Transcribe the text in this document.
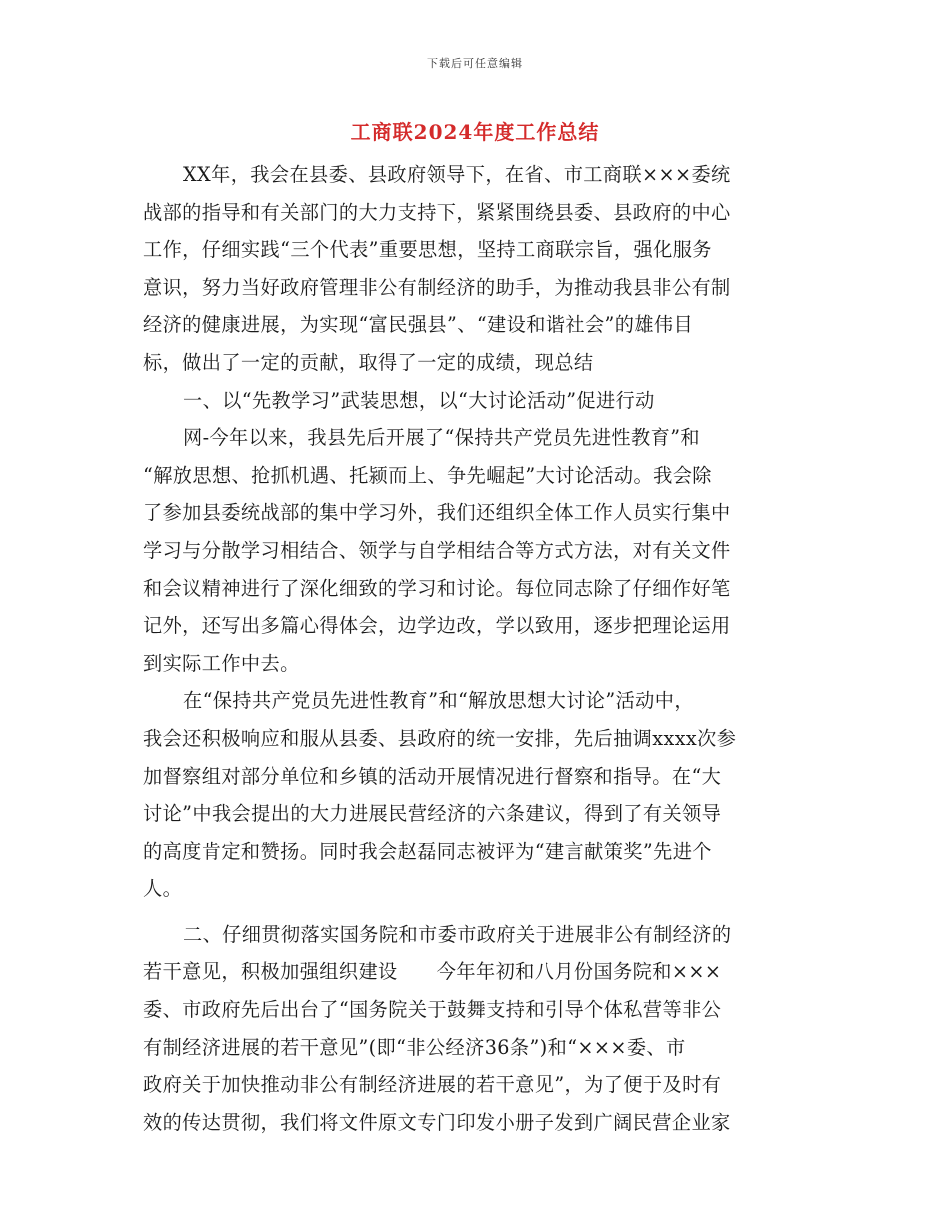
下载后可任意编辑
工商联2024年度工作总结
XX年，我会在县委、县政府领导下，在省、市工商联×××委统
战部的指导和有关部门的大力支持下，紧紧围绕县委、县政府的中心
工作，仔细实践“三个代表”重要思想，坚持工商联宗旨，强化服务
意识，努力当好政府管理非公有制经济的助手，为推动我县非公有制
经济的健康进展，为实现“富民强县”、“建设和谐社会”的雄伟目
标，做出了一定的贡献，取得了一定的成绩，现总结
一、以“先教学习”武装思想，以“大讨论活动”促进行动
网-今年以来，我县先后开展了“保持共产党员先进性教育”和
“解放思想、抢抓机遇、托颍而上、争先崛起”大讨论活动。我会除
了参加县委统战部的集中学习外，我们还组织全体工作人员实行集中
学习与分散学习相结合、领学与自学相结合等方式方法，对有关文件
和会议精神进行了深化细致的学习和讨论。每位同志除了仔细作好笔
记外，还写出多篇心得体会，边学边改，学以致用，逐步把理论运用
到实际工作中去。
在“保持共产党员先进性教育”和“解放思想大讨论”活动中，
我会还积极响应和服从县委、县政府的统一安排，先后抽调xxxx次参
加督察组对部分单位和乡镇的活动开展情况进行督察和指导。在“大
讨论”中我会提出的大力进展民营经济的六条建议，得到了有关领导
的高度肯定和赞扬。同时我会赵磊同志被评为“建言献策奖”先进个
人。
二、仔细贯彻落实国务院和市委市政府关于进展非公有制经济的
若干意见，积极加强组织建设　　今年年初和八月份国务院和×××
委、市政府先后出台了“国务院关于鼓舞支持和引导个体私营等非公
有制经济进展的若干意见”(即“非公经济36条”)和“×××委、市
政府关于加快推动非公有制经济进展的若干意见”，为了便于及时有
效的传达贯彻，我们将文件原文专门印发小册子发到广阔民营企业家
